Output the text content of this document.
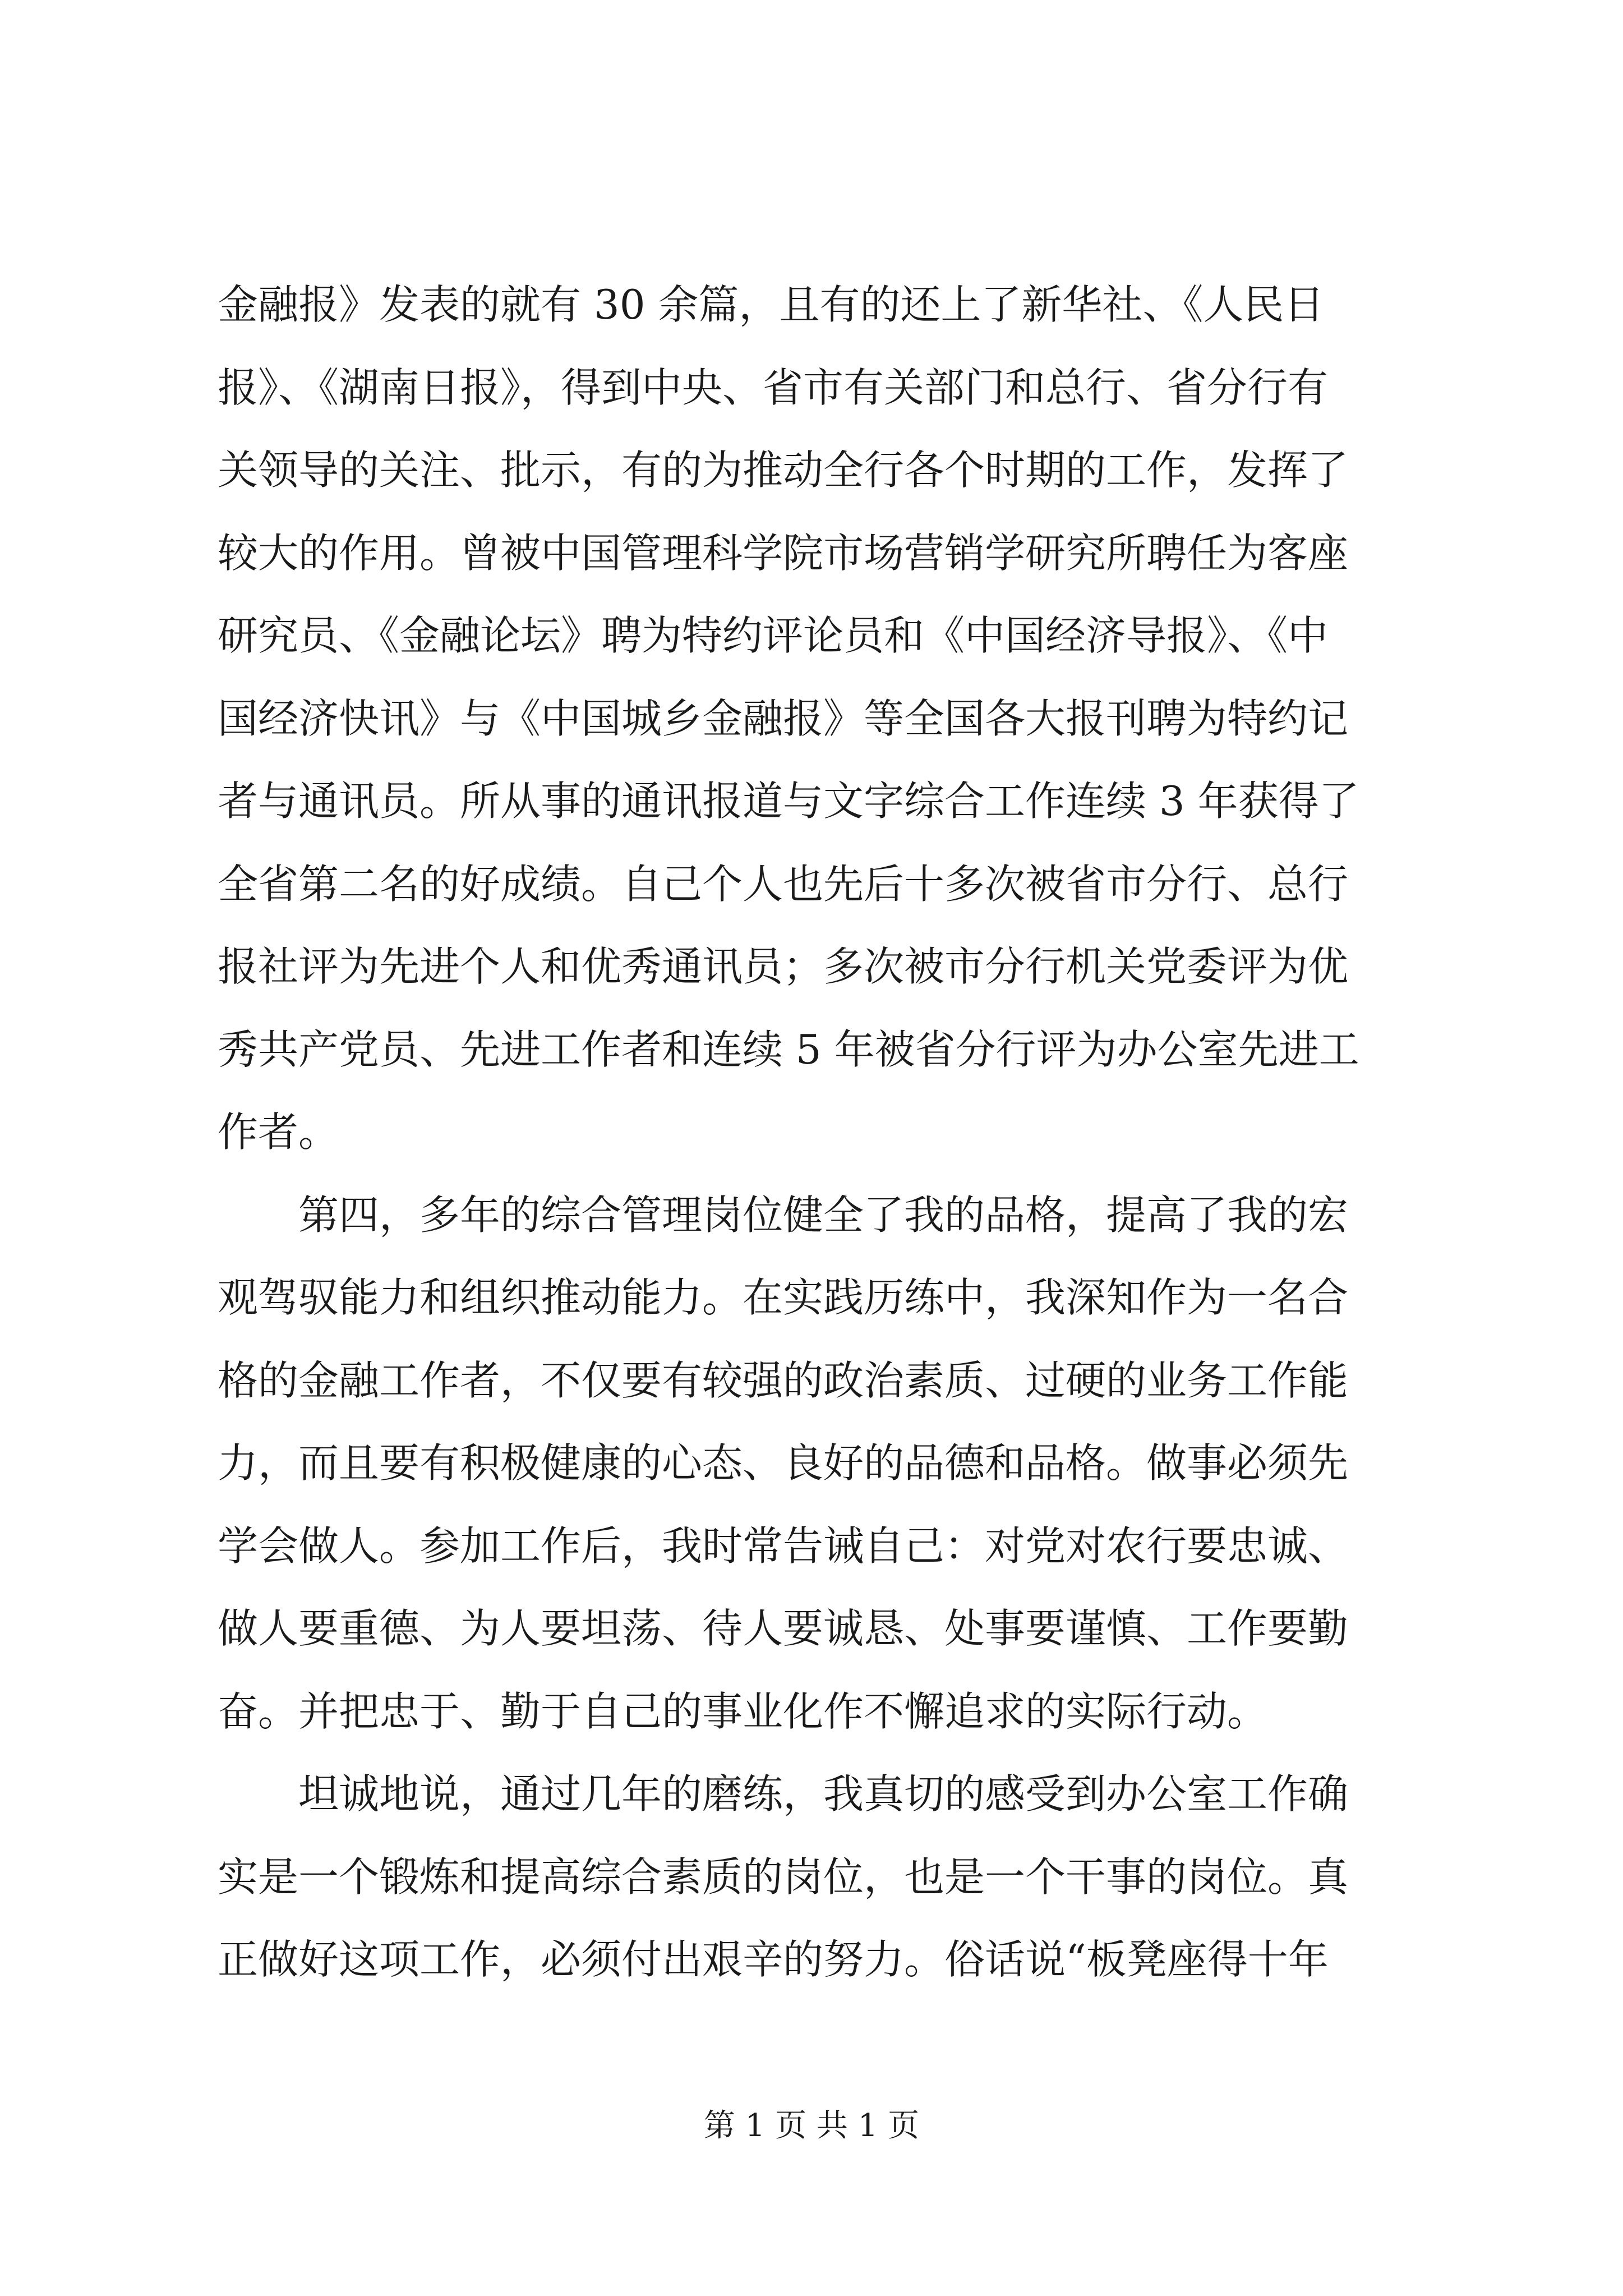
金融报》发表的就有 30 余篇，且有的还上了新华社、《人民日
报》、《湖南日报》，得到中央、省市有关部门和总行、省分行有
关领导的关注、批示，有的为推动全行各个时期的工作，发挥了
较大的作用。曾被中国管理科学院市场营销学研究所聘任为客座
研究员、《金融论坛》聘为特约评论员和《中国经济导报》、《中
国经济快讯》与《中国城乡金融报》等全国各大报刊聘为特约记
者与通讯员。所从事的通讯报道与文字综合工作连续 3 年获得了
全省第二名的好成绩。自己个人也先后十多次被省市分行、总行
报社评为先进个人和优秀通讯员；多次被市分行机关党委评为优
秀共产党员、先进工作者和连续 5 年被省分行评为办公室先进工
作者。
　　第四，多年的综合管理岗位健全了我的品格，提高了我的宏
观驾驭能力和组织推动能力。在实践历练中，我深知作为一名合
格的金融工作者，不仅要有较强的政治素质、过硬的业务工作能
力，而且要有积极健康的心态、良好的品德和品格。做事必须先
学会做人。参加工作后，我时常告诫自己：对党对农行要忠诚、
做人要重德、为人要坦荡、待人要诚恳、处事要谨慎、工作要勤
奋。并把忠于、勤于自己的事业化作不懈追求的实际行动。
　　坦诚地说，通过几年的磨练，我真切的感受到办公室工作确
实是一个锻炼和提高综合素质的岗位，也是一个干事的岗位。真
正做好这项工作，必须付出艰辛的努力。俗话说“板凳座得十年
第 1 页 共 1 页
